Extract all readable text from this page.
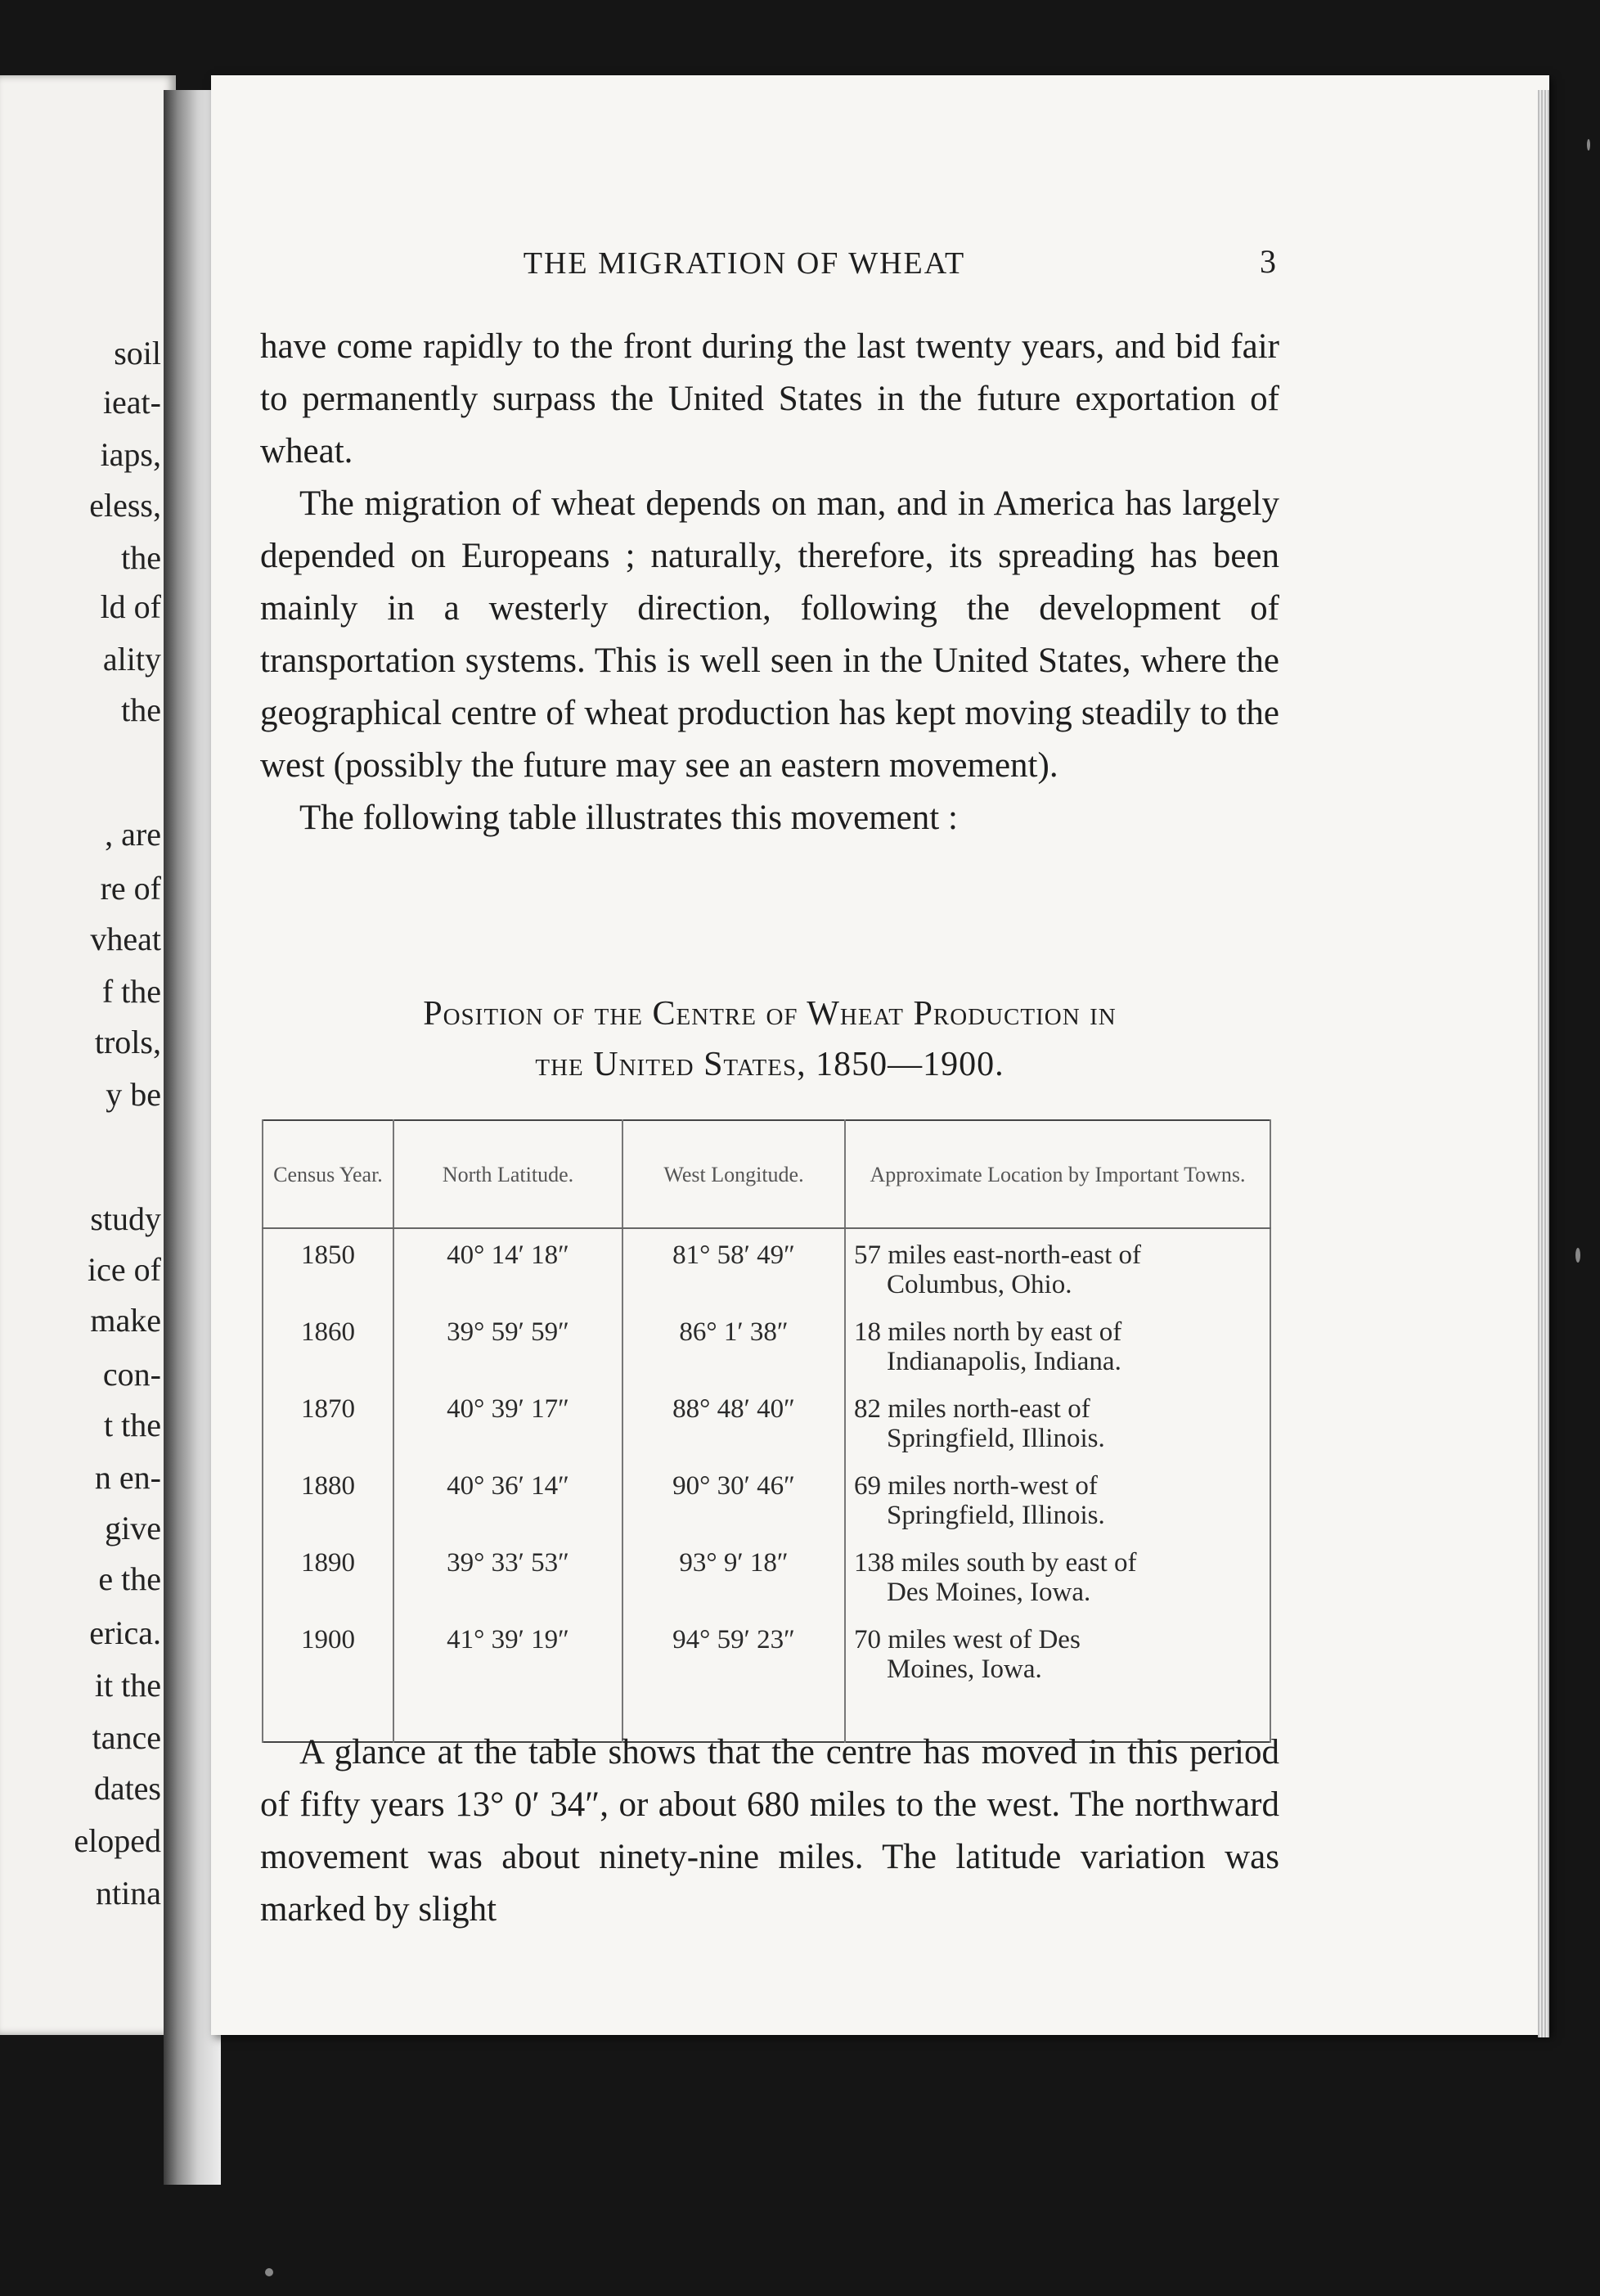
soil
ieat-
iaps,
eless,
the
ld of
ality
the
, are
re of
vheat
f the
trols,
y be
study
ice of
make
con-
t the
n en-
give
e the
erica.
it the
tance
dates
eloped
ntina
THE MIGRATION OF WHEAT	3

have come rapidly to the front during the last twenty years, and bid fair to permanently surpass the United States in the future exportation of wheat.

The migration of wheat depends on man, and in America has largely depended on Europeans ; naturally, therefore, its spreading has been mainly in a westerly direction, following the development of transportation systems. This is well seen in the United States, where the geographical centre of wheat production has kept moving steadily to the west (possibly the future may see an eastern movement).

The following table illustrates this movement :

Position of the Centre of Wheat Production in
the United States, 1850—1900.
Census Year.	North Latitude.	West Longitude.	Approximate Location by Important Towns.
1850	40° 14′ 18″	81° 58′ 49″	57 miles east-north-east of

Columbus, Ohio.

1860	39° 59′ 59″	86° 1′ 38″	18 miles north by east of

Indianapolis, Indiana.

1870	40° 39′ 17″	88° 48′ 40″	82 miles north-east of

Springfield, Illinois.

1880	40° 36′ 14″	90° 30′ 46″	69 miles north-west of

Springfield, Illinois.

1890	39° 33′ 53″	93° 9′ 18″	138 miles south by east of

Des Moines, Iowa.

1900	41° 39′ 19″	94° 59′ 23″	70 miles west of Des

Moines, Iowa.

A glance at the table shows that the centre has moved in this period of fifty years 13° 0′ 34″, or about 680 miles to the west. The northward movement was about ninety-nine miles. The latitude variation was marked by slight
